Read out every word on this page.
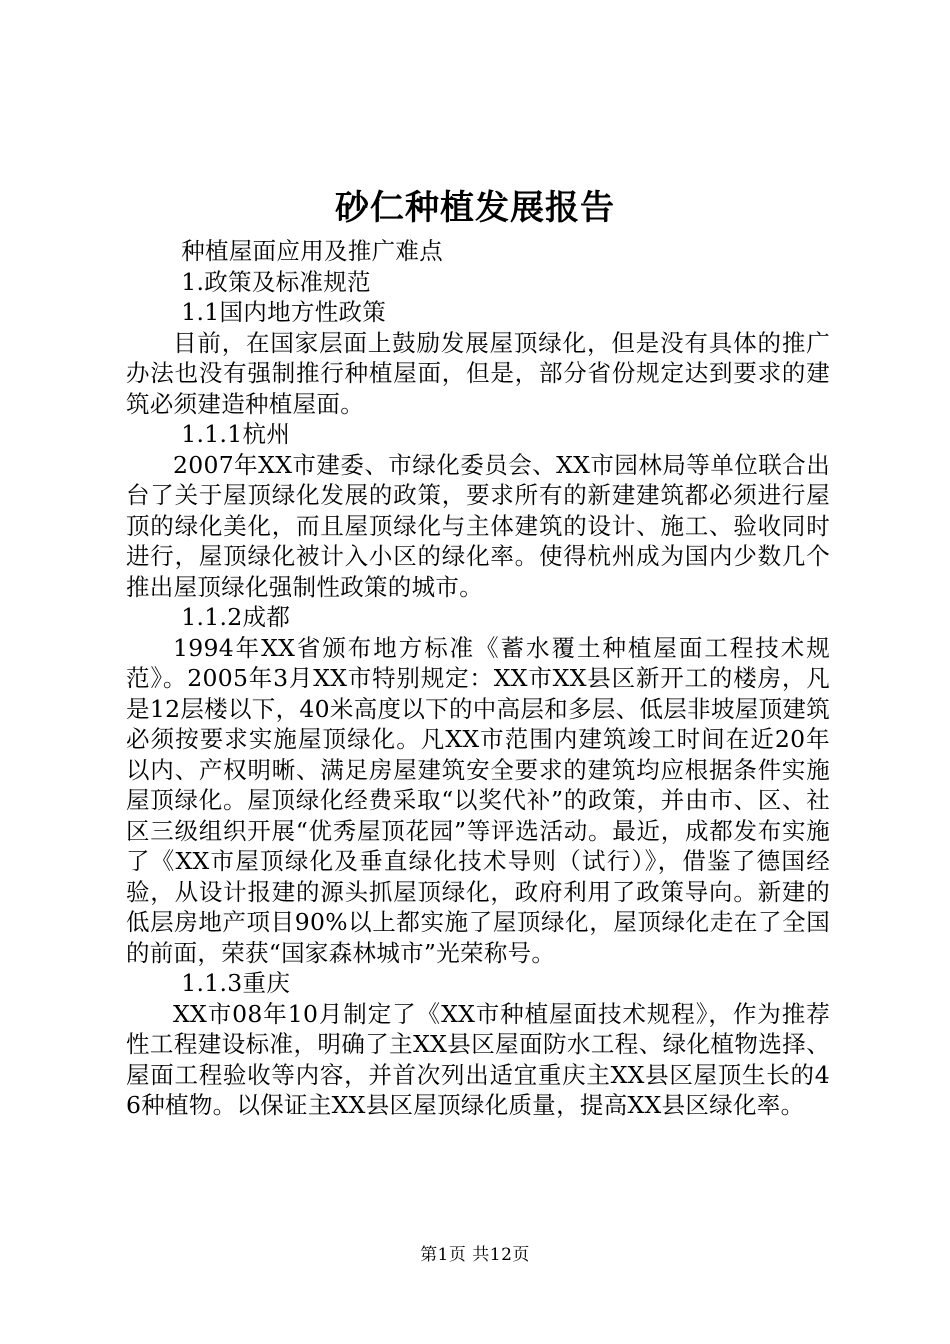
砂仁种植发展报告

种植屋面应用及推广难点

1.政策及标准规范

1.1国内地方性政策

目前，在国家层面上鼓励发展屋顶绿化，但是没有具体的推广办法也没有强制推行种植屋面，但是，部分省份规定达到要求的建筑必须建造种植屋面。

1.1.1杭州

2007年XX市建委、市绿化委员会、XX市园林局等单位联合出台了关于屋顶绿化发展的政策，要求所有的新建建筑都必须进行屋顶的绿化美化，而且屋顶绿化与主体建筑的设计、施工、验收同时进行，屋顶绿化被计入小区的绿化率。使得杭州成为国内少数几个推出屋顶绿化强制性政策的城市。

1.1.2成都

1994年XX省颁布地方标准《蓄水覆土种植屋面工程技术规范》。2005年3月XX市特别规定：XX市XX县区新开工的楼房，凡是12层楼以下，40米高度以下的中高层和多层、低层非坡屋顶建筑必须按要求实施屋顶绿化。凡XX市范围内建筑竣工时间在近20年以内、产权明晰、满足房屋建筑安全要求的建筑均应根据条件实施屋顶绿化。屋顶绿化经费采取“以奖代补”的政策，并由市、区、社区三级组织开展“优秀屋顶花园”等评选活动。最近，成都发布实施了《XX市屋顶绿化及垂直绿化技术导则（试行）》，借鉴了德国经验，从设计报建的源头抓屋顶绿化，政府利用了政策导向。新建的低层房地产项目90%以上都实施了屋顶绿化，屋顶绿化走在了全国的前面，荣获“国家森林城市”光荣称号。

1.1.3重庆

XX市08年10月制定了《XX市种植屋面技术规程》，作为推荐性工程建设标准，明确了主XX县区屋面防水工程、绿化植物选择、屋面工程验收等内容，并首次列出适宜重庆主XX县区屋顶生长的4 6种植物。以保证主XX县区屋顶绿化质量，提高XX县区绿化率。

第1页 共12页
